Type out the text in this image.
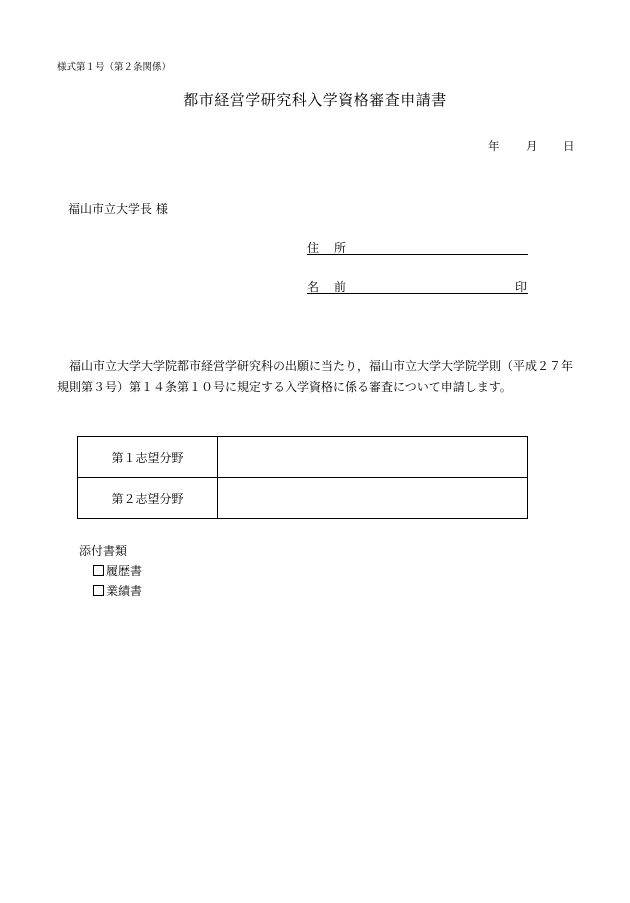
様式第１号（第２条関係）
都市経営学研究科入学資格審査申請書
年 月 日
福山市立大学長 様
住 所
名 前	印
福山市立大学大学院都市経営学研究科の出願に当たり，福山市立大学大学院学則（平成２７年規則第３号）第１４条第１０号に規定する入学資格に係る審査について申請します。
第１志望分野	
第２志望分野	
添付書類
履歴書
業績書
